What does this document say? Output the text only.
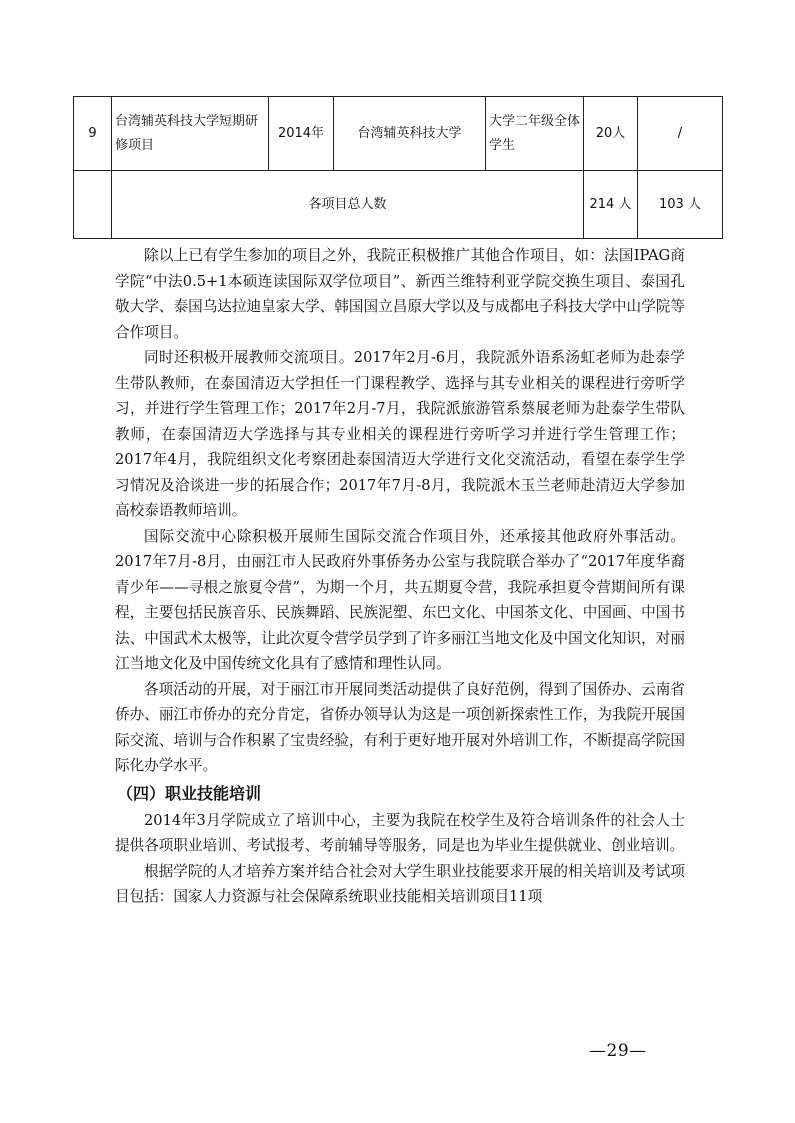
9	台湾辅英科技大学短期研修项目	2014年	台湾辅英科技大学	大学二年级全体学生	20人	/
	各项目总人数				214 人	103 人

除以上已有学生参加的项目之外，我院正积极推广其他合作项目，如：法国IPAG商学院“中法0.5+1本硕连读国际双学位项目”、新西兰维特利亚学院交换生项目、泰国孔敬大学、泰国乌达拉迪皇家大学、韩国国立昌原大学以及与成都电子科技大学中山学院等合作项目。

同时还积极开展教师交流项目。2017年2月-6月，我院派外语系汤虹老师为赴泰学生带队教师，在泰国清迈大学担任一门课程教学、选择与其专业相关的课程进行旁听学习，并进行学生管理工作；2017年2月-7月，我院派旅游管系蔡展老师为赴泰学生带队教师，在泰国清迈大学选择与其专业相关的课程进行旁听学习并进行学生管理工作；2017年4月，我院组织文化考察团赴泰国清迈大学进行文化交流活动，看望在泰学生学习情况及洽谈进一步的拓展合作；2017年7月-8月，我院派木玉兰老师赴清迈大学参加高校泰语教师培训。

国际交流中心除积极开展师生国际交流合作项目外，还承接其他政府外事活动。2017年7月-8月，由丽江市人民政府外事侨务办公室与我院联合举办了“2017年度华裔青少年——寻根之旅夏令营”，为期一个月，共五期夏令营，我院承担夏令营期间所有课程，主要包括民族音乐、民族舞蹈、民族泥塑、东巴文化、中国茶文化、中国画、中国书法、中国武术太极等，让此次夏令营学员学到了许多丽江当地文化及中国文化知识，对丽江当地文化及中国传统文化具有了感情和理性认同。

各项活动的开展，对于丽江市开展同类活动提供了良好范例，得到了国侨办、云南省侨办、丽江市侨办的充分肯定，省侨办领导认为这是一项创新探索性工作，为我院开展国际交流、培训与合作积累了宝贵经验，有利于更好地开展对外培训工作，不断提高学院国际化办学水平。

（四）职业技能培训

2014年3月学院成立了培训中心，主要为我院在校学生及符合培训条件的社会人士提供各项职业培训、考试报考、考前辅导等服务，同是也为毕业生提供就业、创业培训。

根据学院的人才培养方案并结合社会对大学生职业技能要求开展的相关培训及考试项目包括：国家人力资源与社会保障系统职业技能相关培训项目11项

—29—
